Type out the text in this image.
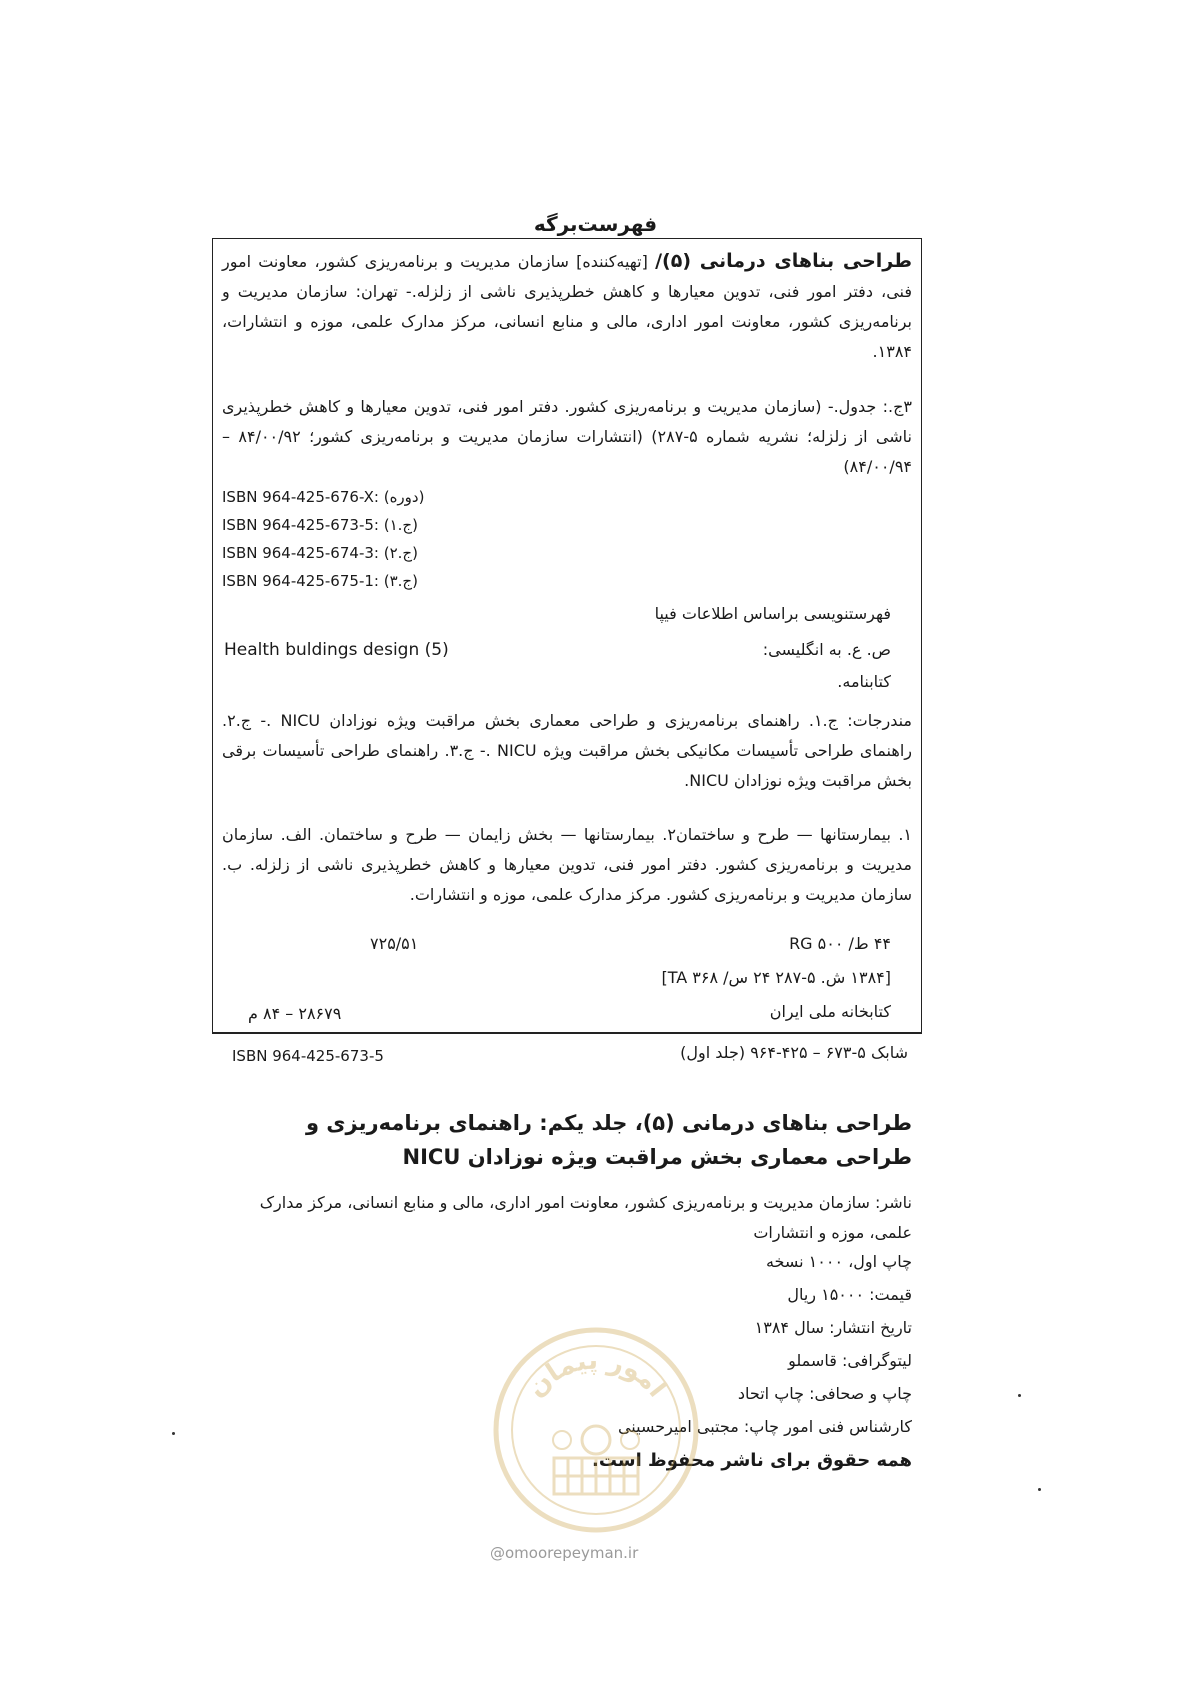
فهرست‌برگه
طراحی بناهای درمانی (۵)/ [تهیه‌کننده] سازمان مدیریت و برنامه‌ریزی کشور، معاونت امور فنی، دفتر امور فنی، تدوین معیارها و کاهش خطرپذیری ناشی از زلزله.- تهران: سازمان مدیریت و برنامه‌ریزی کشور، معاونت امور اداری، مالی و منابع انسانی، مرکز مدارک علمی، موزه و انتشارات، ۱۳۸۴.
۳ج.: جدول.- (سازمان مدیریت و برنامه‌ریزی کشور. دفتر امور فنی، تدوین معیارها و کاهش خطرپذیری ناشی از زلزله؛ نشریه شماره ۵-۲۸۷) (انتشارات سازمان مدیریت و برنامه‌ریزی کشور؛ ۸۴/۰۰/۹۲ – ۸۴/۰۰/۹۴)
ISBN 964-425-676-X: (دوره)
ISBN 964-425-673-5: (ج.۱)
ISBN 964-425-674-3: (ج.۲)
ISBN 964-425-675-1: (ج.۳)
فهرستنویسی براساس اطلاعات فیپا
ص. ع. به انگلیسی:
Health buldings design (5)
کتابنامه.
مندرجات: ج.۱. راهنمای برنامه‌ریزی و طراحی معماری بخش مراقبت ویژه نوزادان NICU .- ج.۲. راهنمای طراحی تأسیسات مکانیکی بخش مراقبت ویژه NICU .- ج.۳. راهنمای طراحی تأسیسات برقی بخش مراقبت ویژه نوزادان NICU.
۱. بیمارستانها — طرح و ساختمان۲. بیمارستانها — بخش زایمان — طرح و ساختمان. الف. سازمان مدیریت و برنامه‌ریزی کشور. دفتر امور فنی، تدوین معیارها و کاهش خطرپذیری ناشی از زلزله. ب. سازمان مدیریت و برنامه‌ریزی کشور. مرکز مدارک علمی، موزه و انتشارات.
۴۴ ط/ ۵۰۰ RG
۷۲۵/۵۱
[۱۳۸۴ ش. ۵-۲۸۷ ۲۴ س/ ۳۶۸ TA]
کتابخانه ملی ایران
۲۸۶۷۹ – ۸۴ م
شابک ۵-۶۷۳ – ۴۲۵-۹۶۴ (جلد اول)
ISBN 964-425-673-5
طراحی بناهای درمانی (۵)، جلد یکم: راهنمای برنامه‌ریزی و طراحی معماری بخش مراقبت ویژه نوزادان NICU
ناشر: سازمان مدیریت و برنامه‌ریزی کشور، معاونت امور اداری، مالی و منابع انسانی، مرکز مدارک علمی، موزه و انتشارات
چاپ اول، ۱۰۰۰ نسخه
قیمت: ۱۵۰۰۰ ریال
تاریخ انتشار: سال ۱۳۸۴
لیتوگرافی: قاسملو
چاپ و صحافی: چاپ اتحاد
کارشناس فنی امور چاپ: مجتبی امیرحسینی
همه حقوق برای ناشر محفوظ است.
امور پیمان
@omoorepeyman.ir
